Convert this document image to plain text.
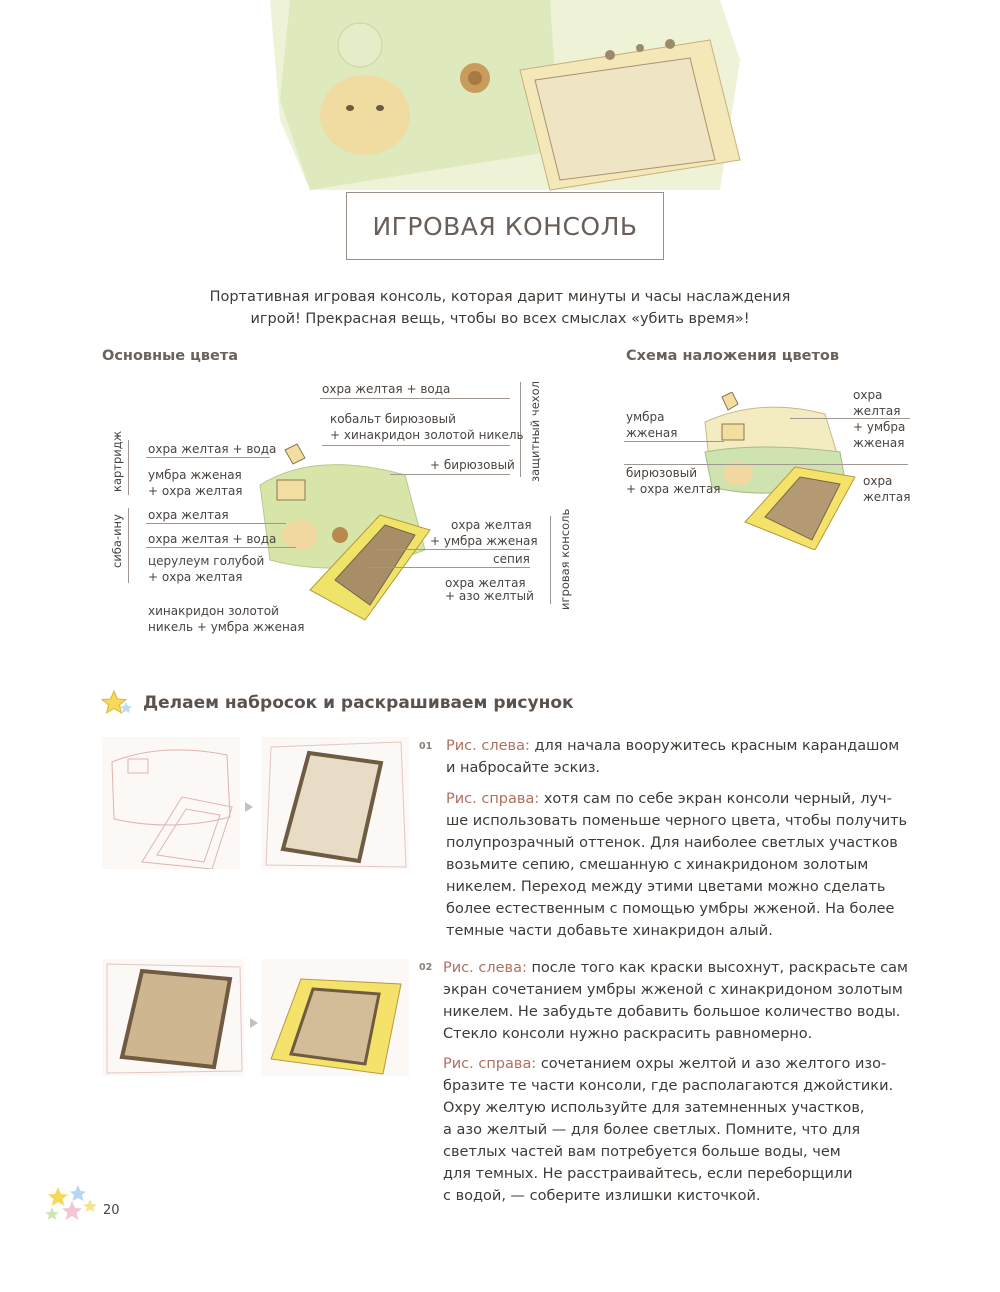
ИГРОВАЯ КОНСОЛЬ
Портативная игровая консоль, которая дарит минуты и часы наслаждения
игрой! Прекрасная вещь, чтобы во всех смыслах «убить время»!
Основные цвета
картридж
сиба-ину
защитный чехол
игровая консоль
охра желтая + вода
умбра жженая
+ охра желтая
охра желтая
охра желтая + вода
церулеум голубой
+ охра желтая
хинакридон золотой
никель + умбра жженая
охра желтая + вода
кобальт бирюзовый
+ хинакридон золотой никель
+ бирюзовый
охра желтая
+ умбра жженая
сепия
охра желтая
+ азо желтый
Схема наложения цветов
умбра
жженая
бирюзовый
+ охра желтая
охра
желтая
+ умбра
жженая
охра
желтая
Делаем набросок и раскрашиваем рисунок
01 Рис. слева: для начала вооружитесь красным карандашом
и набросайте эскиз.
Рис. справа: хотя сам по себе экран консоли черный, луч-
ше использовать поменьше черного цвета, чтобы получить
полупрозрачный оттенок. Для наиболее светлых участков
возьмите сепию, смешанную с хинакридоном золотым
никелем. Переход между этими цветами можно сделать
более естественным с помощью умбры жженой. На более
темные части добавьте хинакридон алый.
02 Рис. слева: после того как краски высохнут, раскрасьте сам
экран сочетанием умбры жженой с хинакридоном золотым
никелем. Не забудьте добавить большое количество воды.
Стекло консоли нужно раскрасить равномерно.
Рис. справа: сочетанием охры желтой и азо желтого изо-
бразите те части консоли, где располагаются джойстики.
Охру желтую используйте для затемненных участков,
а азо желтый — для более светлых. Помните, что для
светлых частей вам потребуется больше воды, чем
для темных. Не расстраивайтесь, если переборщили
с водой, — соберите излишки кисточкой.
20
